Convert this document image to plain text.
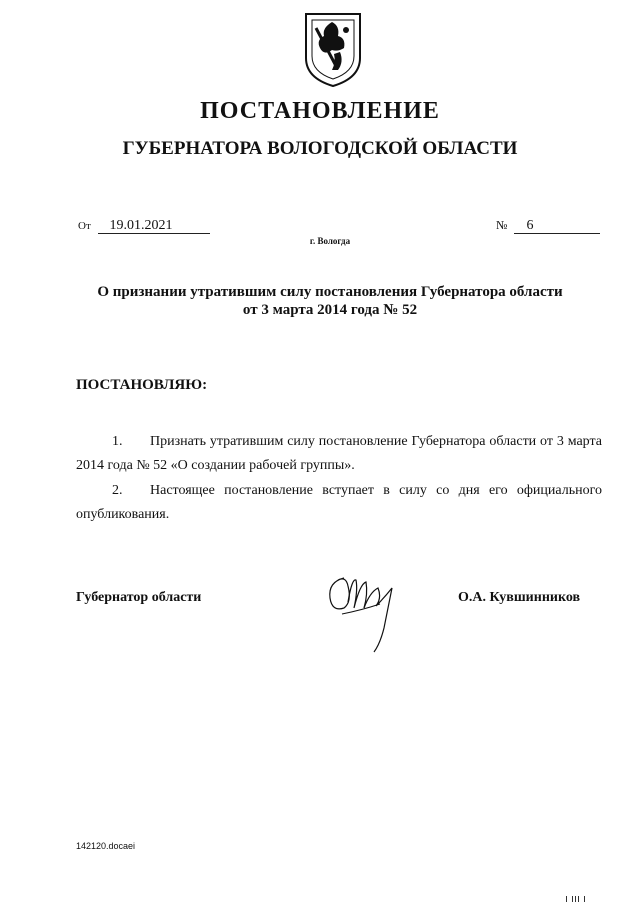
ПОСТАНОВЛЕНИЕ
ГУБЕРНАТОРА ВОЛОГОДСКОЙ ОБЛАСТИ
От 19.01.2021	№ 6
г. Вологда
О признании утратившим силу постановления Губернатора области
от 3 марта 2014 года № 52
ПОСТАНОВЛЯЮ:

1. Признать утратившим силу постановление Губернатора области от 3 марта 2014 года № 52 «О создании рабочей группы».

2. Настоящее постановление вступает в силу со дня его официального опубликования.

Губернатор области	О.А. Кувшинников
142120.docaei
